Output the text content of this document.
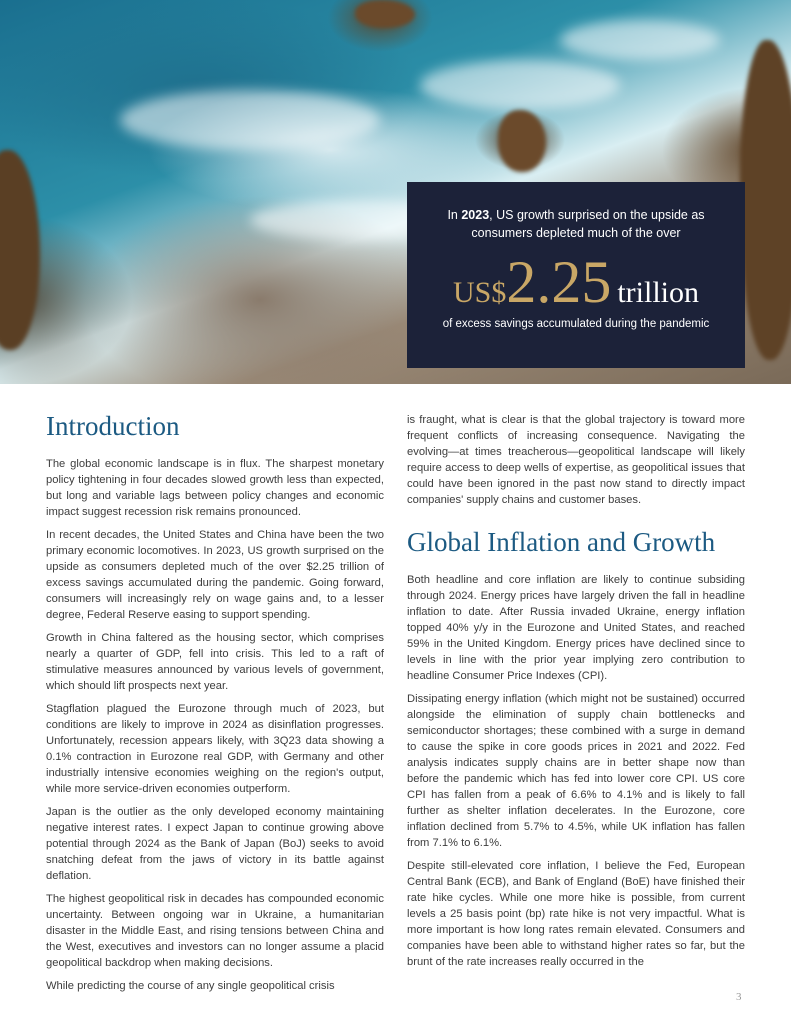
In 2023, US growth surprised on the upside as consumers depleted much of the over
US$2.25 trillion
of excess savings accumulated during the pandemic
Introduction

The global economic landscape is in flux. The sharpest monetary policy tightening in four decades slowed growth less than expected, but long and variable lags between policy changes and economic impact suggest recession risk remains pronounced.

In recent decades, the United States and China have been the two primary economic locomotives. In 2023, US growth surprised on the upside as consumers depleted much of the over $2.25 trillion of excess savings accumulated during the pandemic. Going forward, consumers will increasingly rely on wage gains and, to a lesser degree, Federal Reserve easing to support spending.

Growth in China faltered as the housing sector, which comprises nearly a quarter of GDP, fell into crisis. This led to a raft of stimulative measures announced by various levels of government, which should lift prospects next year.

Stagflation plagued the Eurozone through much of 2023, but conditions are likely to improve in 2024 as disinflation progresses. Unfortunately, recession appears likely, with 3Q23 data showing a 0.1% contraction in Eurozone real GDP, with Germany and other industrially intensive economies weighing on the region's output, while more service-driven economies outperform.

Japan is the outlier as the only developed economy maintaining negative interest rates. I expect Japan to continue growing above potential through 2024 as the Bank of Japan (BoJ) seeks to avoid snatching defeat from the jaws of victory in its battle against deflation.

The highest geopolitical risk in decades has compounded economic uncertainty. Between ongoing war in Ukraine, a humanitarian disaster in the Middle East, and rising tensions between China and the West, executives and investors can no longer assume a placid geopolitical backdrop when making decisions.

While predicting the course of any single geopolitical crisis

is fraught, what is clear is that the global trajectory is toward more frequent conflicts of increasing consequence. Navigating the evolving—at times treacherous—geopolitical landscape will likely require access to deep wells of expertise, as geopolitical issues that could have been ignored in the past now stand to directly impact companies' supply chains and customer bases.

Global Inflation and Growth

Both headline and core inflation are likely to continue subsiding through 2024. Energy prices have largely driven the fall in headline inflation to date. After Russia invaded Ukraine, energy inflation topped 40% y/y in the Eurozone and United States, and reached 59% in the United Kingdom. Energy prices have declined since to levels in line with the prior year implying zero contribution to headline Consumer Price Indexes (CPI).

Dissipating energy inflation (which might not be sustained) occurred alongside the elimination of supply chain bottlenecks and semiconductor shortages; these combined with a surge in demand to cause the spike in core goods prices in 2021 and 2022. Fed analysis indicates supply chains are in better shape now than before the pandemic which has fed into lower core CPI. US core CPI has fallen from a peak of 6.6% to 4.1% and is likely to fall further as shelter inflation decelerates. In the Eurozone, core inflation declined from 5.7% to 4.5%, while UK inflation has fallen from 7.1% to 6.1%.

Despite still-elevated core inflation, I believe the Fed, European Central Bank (ECB), and Bank of England (BoE) have finished their rate hike cycles. While one more hike is possible, from current levels a 25 basis point (bp) rate hike is not very impactful. What is more important is how long rates remain elevated. Consumers and companies have been able to withstand higher rates so far, but the brunt of the rate increases really occurred in the

3
